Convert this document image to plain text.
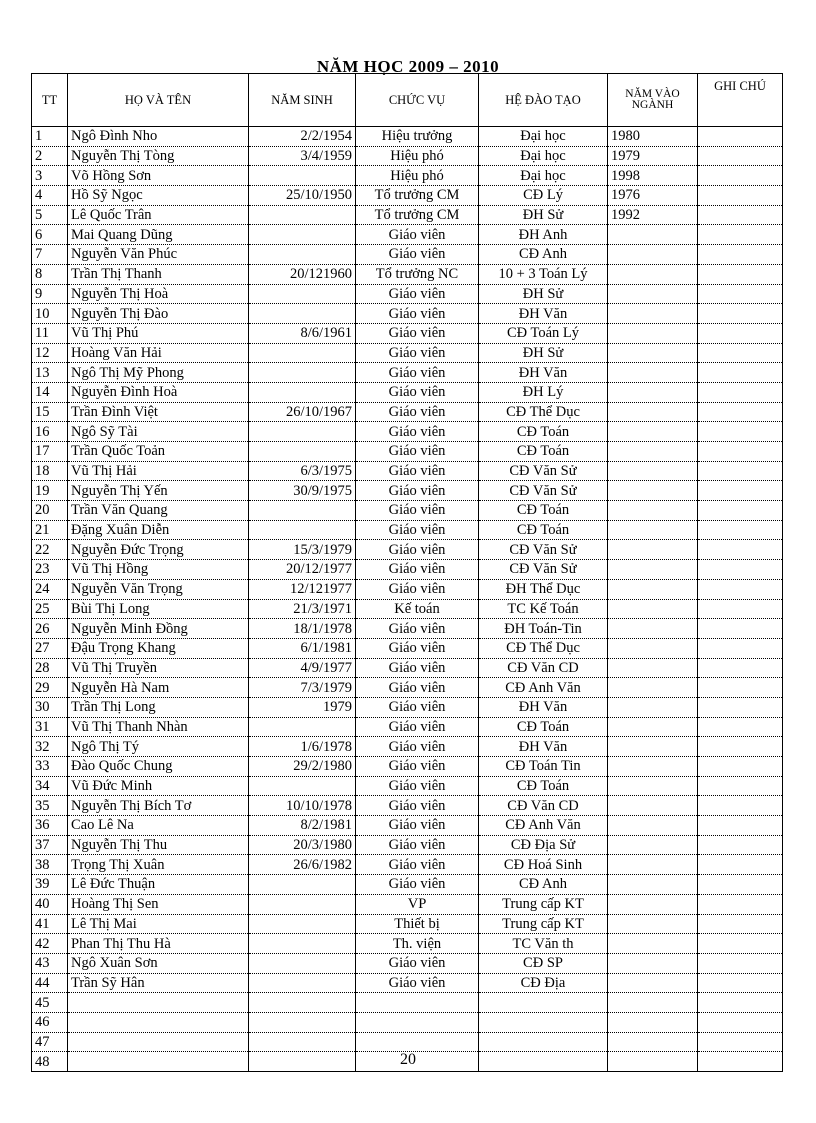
NĂM HỌC 2009 – 2010
TT	HỌ VÀ TÊN	NĂM SINH	CHỨC VỤ	HỆ ĐÀO TẠO	NĂM VÀO NGÀNH	GHI CHÚ
1	Ngô Đình Nho	2/2/1954	Hiệu trưởng	Đại học	1980	
2	Nguyễn Thị Tòng	3/4/1959	Hiệu phó	Đại học	1979	
3	Võ Hồng Sơn		Hiệu phó	Đại học	1998	
4	Hồ Sỹ Ngọc	25/10/1950	Tổ trưởng CM	CĐ Lý	1976	
5	Lê Quốc Trân		Tổ trưởng CM	ĐH Sử	1992	
6	Mai Quang Dũng		Giáo viên	ĐH Anh		
7	Nguyễn Văn Phúc		Giáo viên	CĐ Anh		
8	Trần Thị Thanh	20/121960	Tổ trưởng NC	10 + 3 Toán Lý		
9	Nguyễn Thị Hoà		Giáo viên	ĐH Sử		
10	Nguyễn Thị Đào		Giáo viên	ĐH Văn		
11	Vũ Thị Phú	8/6/1961	Giáo viên	CĐ Toán Lý		
12	Hoàng Văn Hải		Giáo viên	ĐH Sử		
13	Ngô Thị Mỹ Phong		Giáo viên	ĐH Văn		
14	Nguyễn Đình Hoà		Giáo viên	ĐH Lý		
15	Trần Đình Việt	26/10/1967	Giáo viên	CĐ Thể Dục		
16	Ngô Sỹ Tài		Giáo viên	CĐ Toán		
17	Trần Quốc Toản		Giáo viên	CĐ Toán		
18	Vũ Thị Hải	6/3/1975	Giáo viên	CĐ Văn Sử		
19	Nguyễn Thị Yến	30/9/1975	Giáo viên	CĐ Văn Sử		
20	Trần Văn Quang		Giáo viên	CĐ Toán		
21	Đặng Xuân Diễn		Giáo viên	CĐ Toán		
22	Nguyễn Đức Trọng	15/3/1979	Giáo viên	CĐ Văn Sử		
23	Vũ Thị Hồng	20/12/1977	Giáo viên	CĐ Văn Sử		
24	Nguyễn Văn Trọng	12/121977	Giáo viên	ĐH Thể Dục		
25	Bùi Thị Long	21/3/1971	Kế toán	TC Kế Toán		
26	Nguyễn Minh Đồng	18/1/1978	Giáo viên	ĐH Toán-Tin		
27	Đậu Trọng Khang	6/1/1981	Giáo viên	CĐ Thể Dục		
28	Vũ Thị Truyền	4/9/1977	Giáo viên	CĐ Văn CD		
29	Nguyễn Hà Nam	7/3/1979	Giáo viên	CĐ Anh Văn		
30	Trần Thị Long	1979	Giáo viên	ĐH Văn		
31	Vũ Thị Thanh Nhàn		Giáo viên	CĐ Toán		
32	Ngô Thị Tý	1/6/1978	Giáo viên	ĐH Văn		
33	Đào Quốc Chung	29/2/1980	Giáo viên	CĐ Toán Tin		
34	Vũ Đức Minh		Giáo viên	CĐ Toán		
35	Nguyễn Thị Bích Tơ	10/10/1978	Giáo viên	CĐ Văn CD		
36	Cao Lê Na	8/2/1981	Giáo viên	CĐ Anh Văn		
37	Nguyễn Thị Thu	20/3/1980	Giáo viên	CĐ Địa Sử		
38	Trọng Thị Xuân	26/6/1982	Giáo viên	CĐ Hoá Sinh		
39	Lê Đức Thuận		Giáo viên	CĐ Anh		
40	Hoàng Thị Sen		VP	Trung cấp KT		
41	Lê Thị Mai		Thiết bị	Trung cấp KT		
42	Phan Thị Thu Hà		Th. viện	TC Văn th		
43	Ngô Xuân Sơn		Giáo viên	CĐ SP		
44	Trần Sỹ Hân		Giáo viên	CĐ Địa		
45						
46						
47						
48							20
